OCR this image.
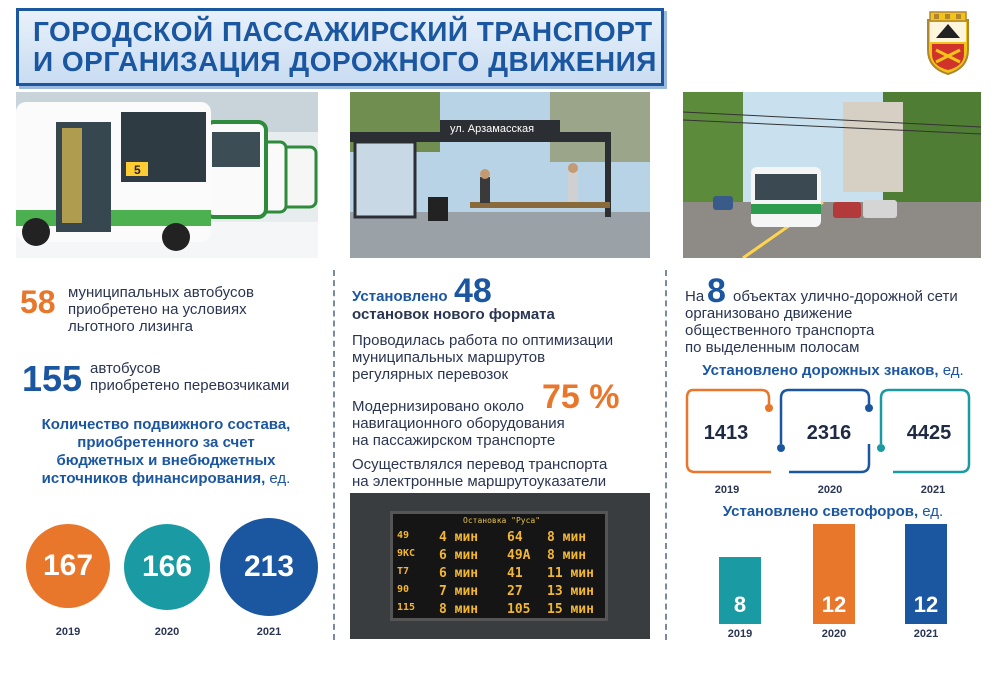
ГОРОДСКОЙ ПАССАЖИРСКИЙ ТРАНСПОРТ
И ОРГАНИЗАЦИЯ ДОРОЖНОГО ДВИЖЕНИЯ
5
ул. Арзамасская
58 муниципальных автобусов
приобретено на условиях
льготного лизинга
155 автобусов
приобретено перевозчиками
Количество подвижного состава,
приобретенного за счет
бюджетных и внебюджетных
источников финансирования, ед.
167	166	213
2019	2020	2021
Установлено 48
остановок нового формата
Проводилась работа по оптимизации
муниципальных маршрутов
регулярных перевозок
Модернизировано около
навигационного оборудования
на пассажирском транспорте
75 %
Осуществлялся перевод транспорта
на электронные маршрутоуказатели
Остановка "Руса"
49 4 мин 64 8 мин
9КС 6 мин 49А 8 мин
Т7 6 мин 41 11 мин
90 7 мин 27 13 мин
115 8 мин 105 15 мин
На 8 объектах улично-дорожной сети
организовано движение
общественного транспорта
по выделенным полосам
Установлено дорожных знаков, ед.
1413	2316	4425
2019	2020	2021
Установлено светофоров, ед.
8
2019
12
2020
12
2021
